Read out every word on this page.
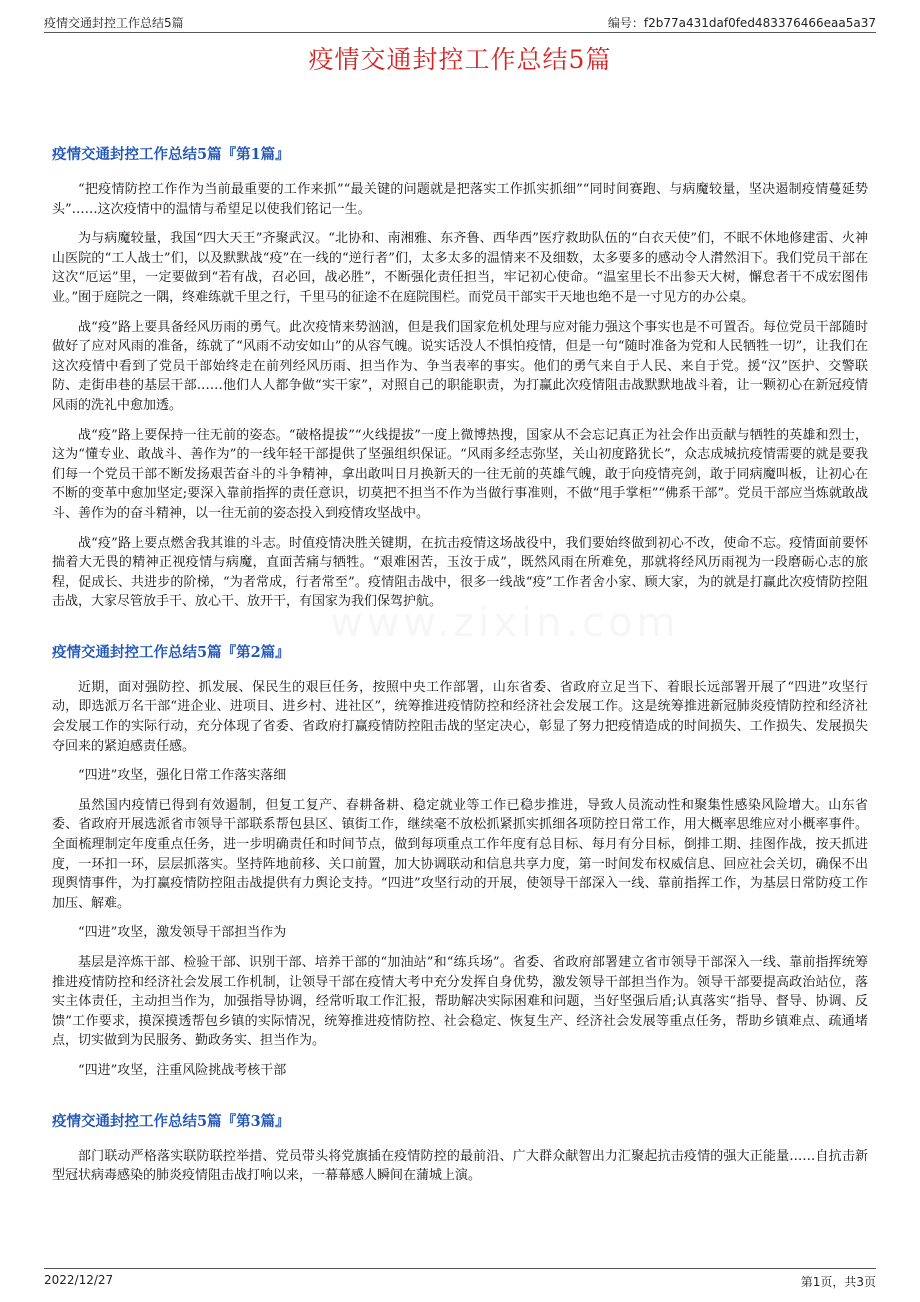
疫情交通封控工作总结5篇	编号：f2b77a431daf0fed483376466eaa5a37
疫情交通封控工作总结5篇
疫情交通封控工作总结5篇『第1篇』

“把疫情防控工作作为当前最重要的工作来抓”“最关键的问题就是把落实工作抓实抓细”“同时间赛跑、与病魔较量，坚决遏制疫情蔓延势头”……这次疫情中的温情与希望足以使我们铭记一生。

为与病魔较量，我国“四大天王”齐聚武汉。“北协和、南湘雅、东齐鲁、西华西”医疗救助队伍的“白衣天使”们，不眠不休地修建雷、火神山医院的“工人战士”们，以及默默战“疫”在一线的“逆行者”们，太多太多的温情来不及细数，太多要多的感动令人潸然泪下。我们党员干部在这次“厄运”里，一定要做到“若有战，召必回，战必胜”，不断强化责任担当，牢记初心使命。“温室里长不出参天大树，懈怠者干不成宏图伟业。”囿于庭院之一隅，终难练就千里之行，千里马的征途不在庭院围栏。而党员干部实干天地也绝不是一寸见方的办公桌。

战“疫”路上要具备经风历雨的勇气。此次疫情来势汹汹，但是我们国家危机处理与应对能力强这个事实也是不可置否。每位党员干部随时做好了应对风雨的准备，练就了“风雨不动安如山”的从容气魄。说实话没人不惧怕疫情，但是一句“随时准备为党和人民牺牲一切”，让我们在这次疫情中看到了党员干部始终走在前列经风历雨、担当作为、争当表率的事实。他们的勇气来自于人民、来自于党。援“汉”医护、交警联防、走街串巷的基层干部……他们人人都争做“实干家”，对照自己的职能职责，为打赢此次疫情阻击战默默地战斗着，让一颗初心在新冠疫情风雨的洗礼中愈加透。

战“疫”路上要保持一往无前的姿态。“破格提拔”“火线提拔”一度上微博热搜，国家从不会忘记真正为社会作出贡献与牺牲的英雄和烈士，这为“懂专业、敢战斗、善作为”的一线年轻干部提供了坚强组织保证。“风雨多经志弥坚，关山初度路犹长”，众志成城抗疫情需要的就是要我们每一个党员干部不断发扬艰苦奋斗的斗争精神，拿出敢叫日月换新天的一往无前的英雄气魄，敢于向疫情亮剑，敢于同病魔叫板，让初心在不断的变革中愈加坚定;要深入靠前指挥的责任意识，切莫把不担当不作为当做行事准则，不做“甩手掌柜”“佛系干部”。党员干部应当炼就敢战斗、善作为的奋斗精神，以一往无前的姿态投入到疫情攻坚战中。

战“疫”路上要点燃舍我其谁的斗志。时值疫情决胜关键期，在抗击疫情这场战役中，我们要始终做到初心不改，使命不忘。疫情面前要怀揣着大无畏的精神正视疫情与病魔，直面苦痛与牺牲。“艰难困苦，玉汝于成”，既然风雨在所难免，那就将经风历雨视为一段磨砺心志的旅程，促成长、共进步的阶梯，“为者常成，行者常至”。疫情阻击战中，很多一线战“疫”工作者舍小家、顾大家，为的就是打赢此次疫情防控阻击战，大家尽管放手干、放心干、放开干，有国家为我们保驾护航。

疫情交通封控工作总结5篇『第2篇』

近期，面对强防控、抓发展、保民生的艰巨任务，按照中央工作部署，山东省委、省政府立足当下、着眼长远部署开展了“四进”攻坚行动，即选派万名干部“进企业、进项目、进乡村、进社区”，统筹推进疫情防控和经济社会发展工作。这是统筹推进新冠肺炎疫情防控和经济社会发展工作的实际行动，充分体现了省委、省政府打赢疫情防控阻击战的坚定决心，彰显了努力把疫情造成的时间损失、工作损失、发展损失夺回来的紧迫感责任感。

“四进”攻坚，强化日常工作落实落细

虽然国内疫情已得到有效遏制，但复工复产、春耕备耕、稳定就业等工作已稳步推进，导致人员流动性和聚集性感染风险增大。山东省委、省政府开展选派省市领导干部联系帮包县区、镇街工作，继续毫不放松抓紧抓实抓细各项防控日常工作，用大概率思维应对小概率事件。全面梳理制定年度重点任务，进一步明确责任和时间节点，做到每项重点工作年度有总目标、每月有分目标，倒排工期、挂图作战，按天抓进度，一环扣一环，层层抓落实。坚持阵地前移、关口前置，加大协调联动和信息共享力度，第一时间发布权威信息、回应社会关切，确保不出现舆情事件，为打赢疫情防控阻击战提供有力舆论支持。“四进”攻坚行动的开展，使领导干部深入一线、靠前指挥工作，为基层日常防疫工作加压、解难。

“四进”攻坚，激发领导干部担当作为

基层是淬炼干部、检验干部、识别干部、培养干部的“加油站”和“练兵场”。省委、省政府部署建立省市领导干部深入一线、靠前指挥统筹推进疫情防控和经济社会发展工作机制，让领导干部在疫情大考中充分发挥自身优势，激发领导干部担当作为。领导干部要提高政治站位，落实主体责任，主动担当作为，加强指导协调，经常听取工作汇报，帮助解决实际困难和问题，当好坚强后盾;认真落实“指导、督导、协调、反馈”工作要求，摸深摸透帮包乡镇的实际情况，统筹推进疫情防控、社会稳定、恢复生产、经济社会发展等重点任务，帮助乡镇难点、疏通堵点，切实做到为民服务、勤政务实、担当作为。

“四进”攻坚，注重风险挑战考核干部

疫情交通封控工作总结5篇『第3篇』

部门联动严格落实联防联控举措、党员带头将党旗插在疫情防控的最前沿、广大群众献智出力汇聚起抗击疫情的强大正能量……自抗击新型冠状病毒感染的肺炎疫情阻击战打响以来，一幕幕感人瞬间在蒲城上演。

2022/12/27	第1页，共3页
